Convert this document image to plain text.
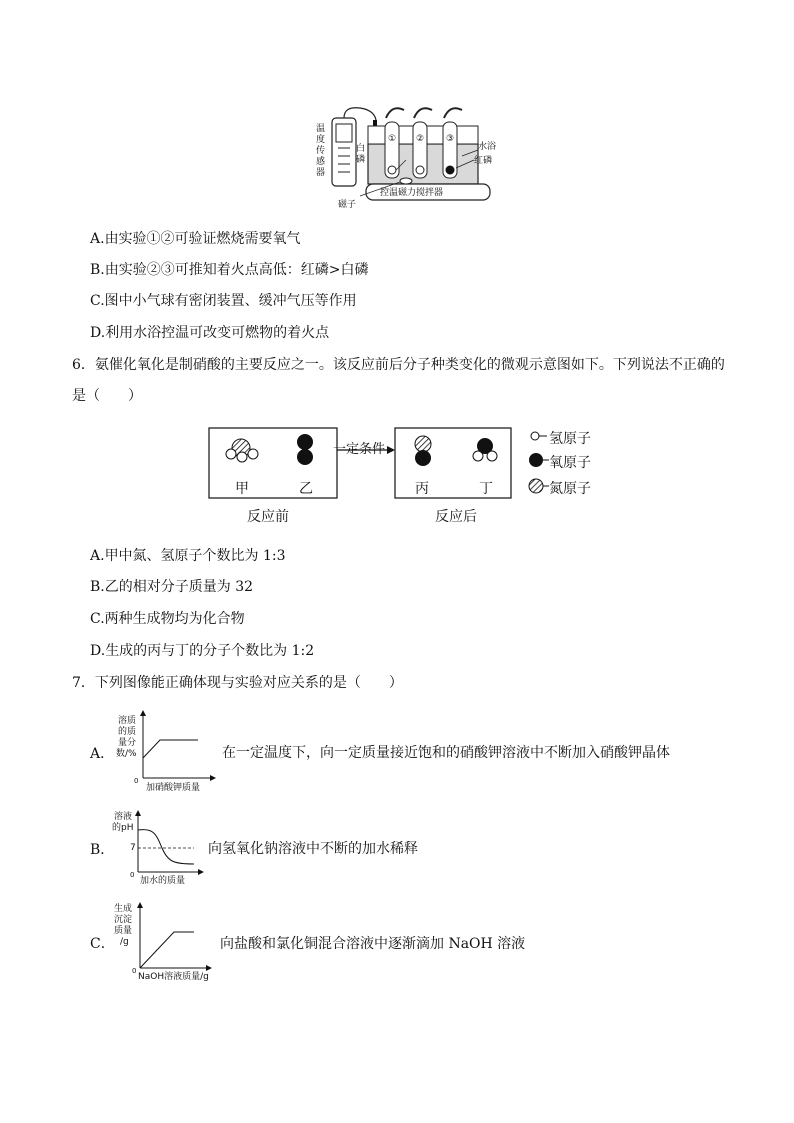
温度传感器
白磷
① ② ③
水浴
红磷
控温磁力搅拌器
磁子
A.由实验①②可验证燃烧需要氧气
B.由实验②③可推知着火点高低：红磷>白磷
C.图中小气球有密闭装置、缓冲气压等作用
D.利用水浴控温可改变可燃物的着火点
6．氨催化氧化是制硝酸的主要反应之一。该反应前后分子种类变化的微观示意图如下。下列说法不正确的
是（　　）
甲	乙	丙	丁
一定条件
反应前	反应后
氢原子
氧原子
氮原子
A.甲中氮、氢原子个数比为 1:3
B.乙的相对分子质量为 32
C.两种生成物均为化合物
D.生成的丙与丁的分子个数比为 1:2
7．下列图像能正确体现与实验对应关系的是（　　）
A．
溶质
的质
量分
数/%
0
加硝酸钾质量
在一定温度下，向一定质量接近饱和的硝酸钾溶液中不断加入硝酸钾晶体
B．
溶液
的pH
7
0
加水的质量
向氢氧化钠溶液中不断的加水稀释
C．
生成
沉淀
质量
/g
0
NaOH溶液质量/g
向盐酸和氯化铜混合溶液中逐渐滴加 NaOH 溶液
